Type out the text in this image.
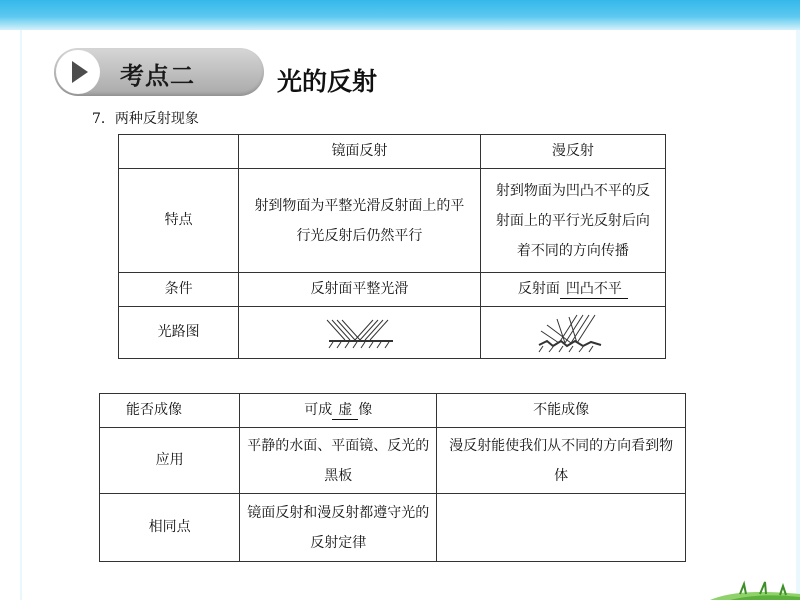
考点二	光的反射
7．两种反射现象
	镜面反射	漫反射
特点	射到物面为平整光滑反射面上的平行光反射后仍然平行	射到物面为凹凸不平的反射面上的平行光反射后向着不同的方向传播
条件	反射面平整光滑	反射面 凹凸不平
光路图		
能否成像	可成 虚 像	不能成像
应用	平静的水面、平面镜、反光的黑板	漫反射能使我们从不同的方向看到物体
相同点	镜面反射和漫反射都遵守光的反射定律	
